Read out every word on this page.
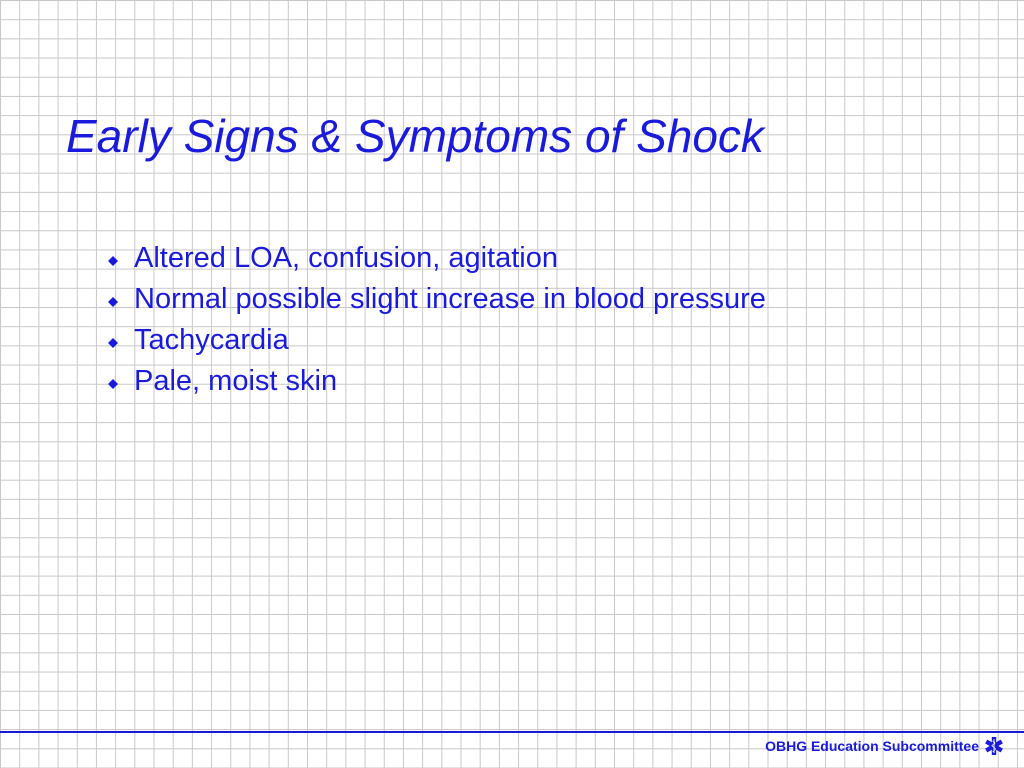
Early Signs & Symptoms of Shock
Altered LOA, confusion, agitation
Normal possible slight increase in blood pressure
Tachycardia
Pale, moist skin
OBHG Education Subcommittee
